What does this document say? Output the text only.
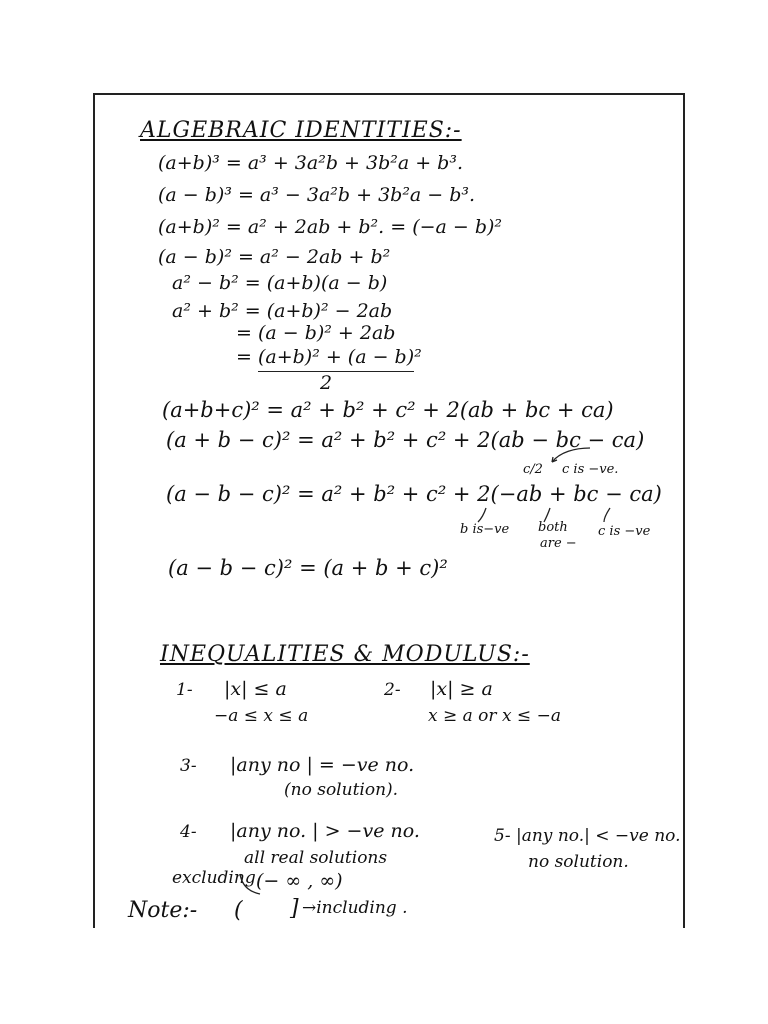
ALGEBRAIC IDENTITIES:-
(a+b)³ = a³ + 3a²b + 3b²a + b³.
(a − b)³ = a³ − 3a²b + 3b²a − b³.
(a+b)² = a² + 2ab + b². = (−a − b)²
(a − b)² = a² − 2ab + b²
a² − b² = (a+b)(a − b)
a² + b² = (a+b)² − 2ab
= (a − b)² + 2ab
= (a+b)² + (a − b)²
2
(a+b+c)² = a² + b² + c² + 2(ab + bc + ca)
(a + b − c)² = a² + b² + c² + 2(ab − bc − ca)
c/2 c is −ve.
(a − b − c)² = a² + b² + c² + 2(−ab + bc − ca)
b is−ve both
are −
c is −ve
(a − b − c)² = (a + b + c)²
INEQUALITIES & MODULUS:-
1- |x| ≤ a
−a ≤ x ≤ a
2- |x| ≥ a
x ≥ a or x ≤ −a
3- |any no | = −ve no.
(no solution).
4- |any no. | > −ve no.
all real solutions
5- |any no.| < −ve no.
no solution.
excluding (− ∞ , ∞)
Note:- ( ] →including .
